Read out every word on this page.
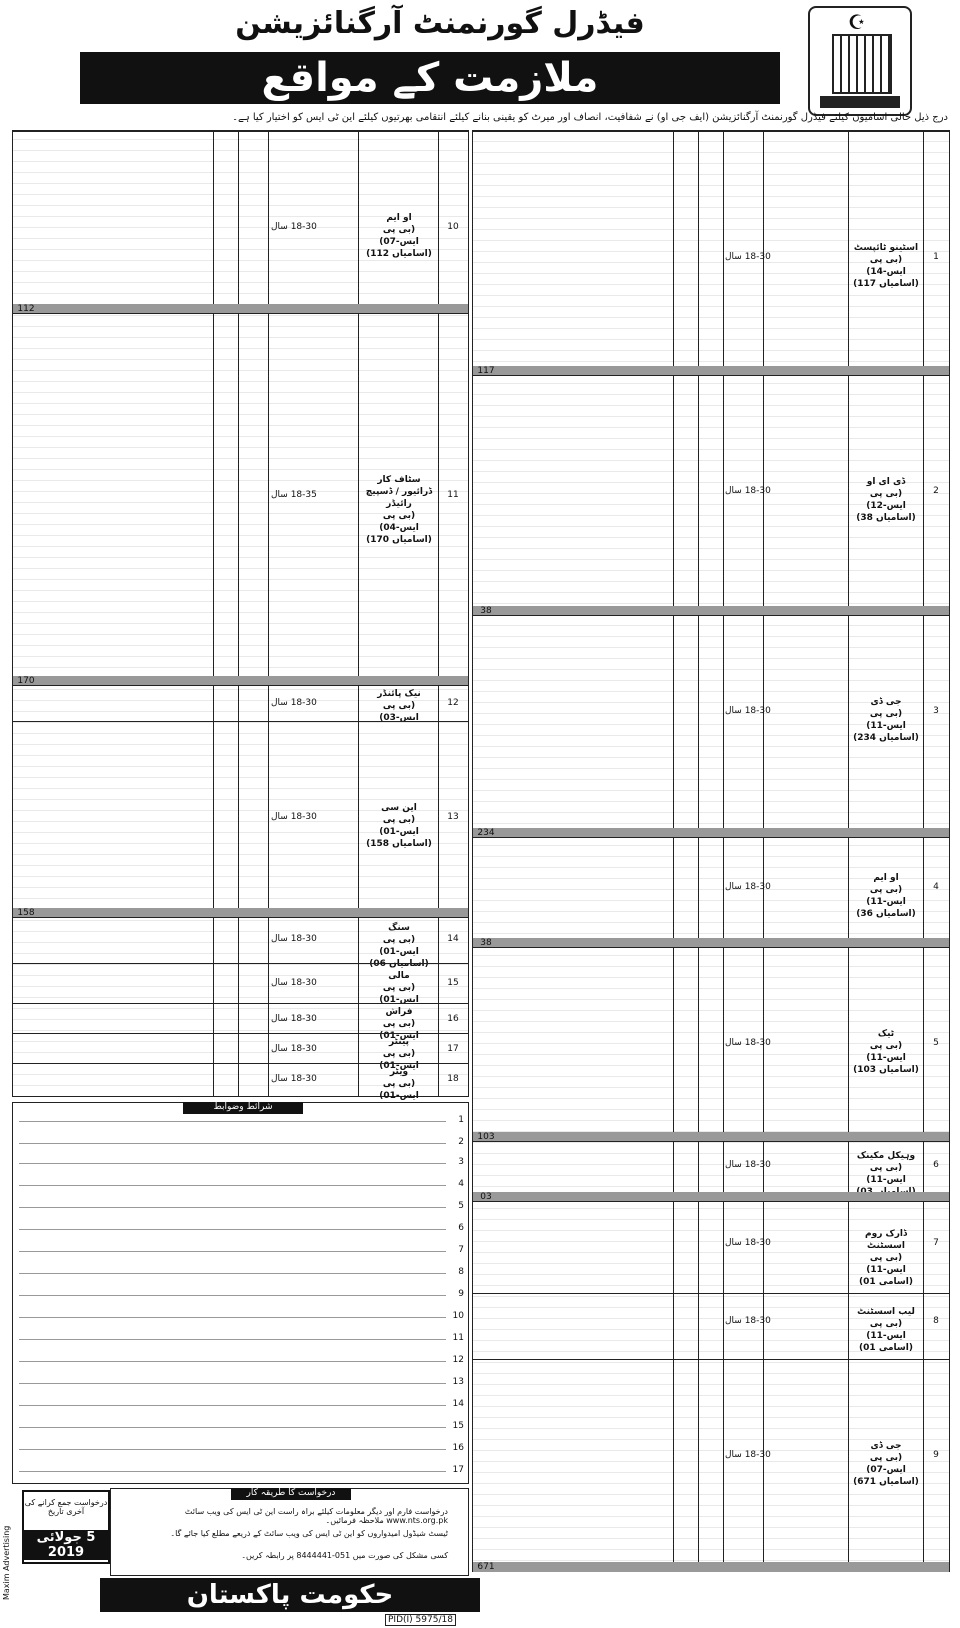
فیڈرل گورنمنٹ آرگنائزیشن
ملازمت کے مواقع
☪
درج ذیل خالی اسامیوں کیلئے فیڈرل گورنمنٹ آرگنائزیشن (ایف جی او) نے شفافیت، انصاف اور میرٹ کو یقینی بنانے کیلئے انتقامی بھرتیوں کیلئے این ٹی ایس کو اختیار کیا ہے۔
اسٹینو ٹائپسٹ
(بی پی ایس-14)
(اسامیاں 117)
1
18-30 سال
117
ڈی ای او
(بی پی ایس-12)
(اسامیاں 38)
2
18-30 سال
38
جی ڈی
(بی پی ایس-11)
(اسامیاں 234)
3
18-30 سال
234
او ایم
(بی پی ایس-11)
(اسامیاں 36)
4
18-30 سال
38
ٹیک
(بی پی ایس-11)
(اسامیاں 103)
5
18-30 سال
103
وہیکل مکینک
(بی پی ایس-11)

6
18-30 سال
03
ڈارک روم اسسٹنٹ
(بی پی ایس-11)
(اسامی 01)
7
18-30 سال
لیب اسسٹنٹ
(بی پی ایس-11)
(اسامی 01)
8
18-30 سال
جی ڈی
(بی پی ایس-07)
(اسامیاں 671)
9
18-30 سال
671
او ایم
(بی پی ایس-07)
(اسامیاں 112)
10
18-30 سال
112
سٹاف کار ڈرائیور / ڈسپیچ رائیڈر
(بی پی ایس-04)
(اسامیاں 170)
11
18-35 سال
170
نیک پائنڈر
(بی پی ایس-03)
12
18-30 سال
این سی
(بی پی ایس-01)
(اسامیاں 158)
13
18-30 سال
158
سنگ
(بی پی ایس-01)
(اسامیاں 06)
14
18-30 سال
مالی
(بی پی ایس-01)
15
18-30 سال
فراش
(بی پی ایس-01)
16
18-30 سال
پینٹر
(بی پی ایس-01)
17
18-30 سال
ویٹر
(بی پی ایس-01)
18
18-30 سال
شرائط وضوابط
1
2
3
4
5
6
7
8
9
10
11
12
13
14
15
16
17
درخواست جمع کرانے کی آخری تاریخ
5 جولائی 2019
درخواست کا طریقہ کار
درخواست فارم اور دیگر معلومات کیلئے براہ راست این ٹی ایس کی ویب سائٹ www.nts.org.pk ملاحظہ فرمائیں۔
ٹیسٹ شیڈول امیدواروں کو این ٹی ایس کی ویب سائٹ کے ذریعے مطلع کیا جائے گا۔
کسی مشکل کی صورت میں 051-8444441 پر رابطہ کریں۔
حکومت پاکستان
PID(I) 5975/18
Maxim Advertising
